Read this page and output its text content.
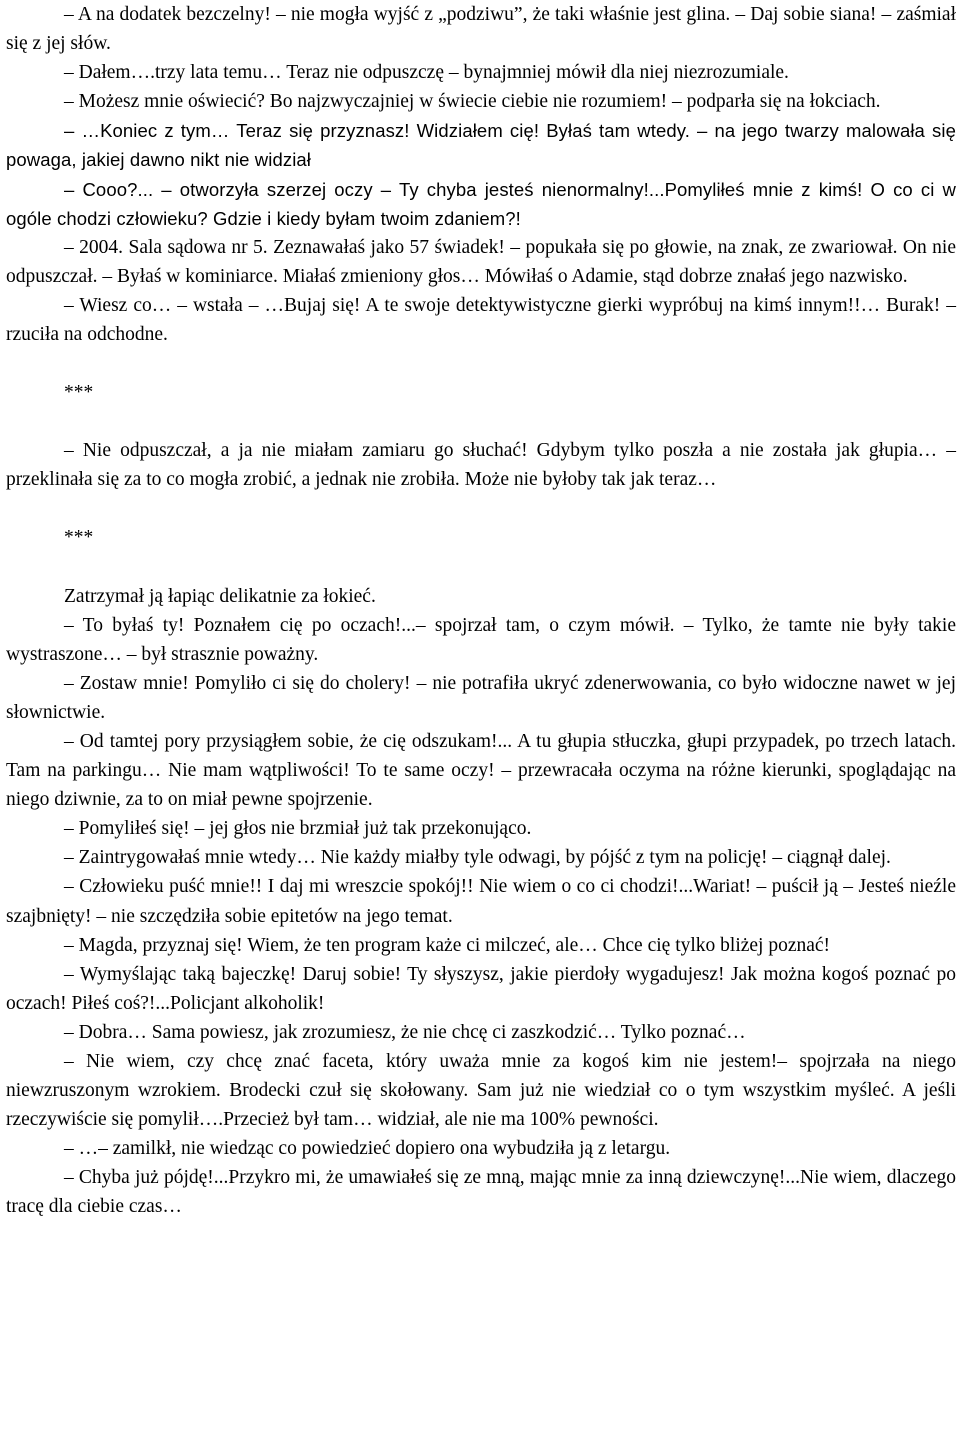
– A na dodatek bezczelny! – nie mogła wyjść z „podziwu”, że taki właśnie jest glina. – Daj sobie siana! – zaśmiał się z jej słów.

– Dałem….trzy lata temu… Teraz nie odpuszczę – bynajmniej mówił dla niej niezrozumiale.

– Możesz mnie oświecić? Bo najzwyczajniej w świecie ciebie nie rozumiem! – podparła się na łokciach.

– …Koniec z tym… Teraz się przyznasz! Widziałem cię! Byłaś tam wtedy. – na jego twarzy malowała się powaga, jakiej dawno nikt nie widział

– Cooo?... – otworzyła szerzej oczy – Ty chyba jesteś nienormalny!...Pomyliłeś mnie z kimś! O co ci w ogóle chodzi człowieku? Gdzie i kiedy byłam twoim zdaniem?!

– 2004. Sala sądowa nr 5. Zeznawałaś jako 57 świadek! – popukała się po głowie, na znak, ze zwariował. On nie odpuszczał. – Byłaś w kominiarce. Miałaś zmieniony głos… Mówiłaś o Adamie, stąd dobrze znałaś jego nazwisko.

– Wiesz co… – wstała – …Bujaj się! A te swoje detektywistyczne gierki wypróbuj na kimś innym!!… Burak! – rzuciła na odchodne.

***

– Nie odpuszczał, a ja nie miałam zamiaru go słuchać! Gdybym tylko poszła a nie została jak głupia… – przeklinała się za to co mogła zrobić, a jednak nie zrobiła. Może nie byłoby tak jak teraz…

***

Zatrzymał ją łapiąc delikatnie za łokieć.

– To byłaś ty! Poznałem cię po oczach!...– spojrzał tam, o czym mówił. – Tylko, że tamte nie były takie wystraszone… – był strasznie poważny.

– Zostaw mnie! Pomyliło ci się do cholery! – nie potrafiła ukryć zdenerwowania, co było widoczne nawet w jej słownictwie.

– Od tamtej pory przysiągłem sobie, że cię odszukam!... A tu głupia stłuczka, głupi przypadek, po trzech latach. Tam na parkingu… Nie mam wątpliwości! To te same oczy! – przewracała oczyma na różne kierunki, spoglądając na niego dziwnie, za to on miał pewne spojrzenie.

– Pomyliłeś się! – jej głos nie brzmiał już tak przekonująco.

– Zaintrygowałaś mnie wtedy… Nie każdy miałby tyle odwagi, by pójść z tym na policję! – ciągnął dalej.

– Człowieku puść mnie!! I daj mi wreszcie spokój!! Nie wiem o co ci chodzi!...Wariat! – puścił ją – Jesteś nieźle szajbnięty! – nie szczędziła sobie epitetów na jego temat.

– Magda, przyznaj się! Wiem, że ten program każe ci milczeć, ale… Chce cię tylko bliżej poznać!

– Wymyślając taką bajeczkę! Daruj sobie! Ty słyszysz, jakie pierdoły wygadujesz! Jak można kogoś poznać po oczach! Piłeś coś?!...Policjant alkoholik!

– Dobra… Sama powiesz, jak zrozumiesz, że nie chcę ci zaszkodzić… Tylko poznać…

– Nie wiem, czy chcę znać faceta, który uważa mnie za kogoś kim nie jestem!– spojrzała na niego niewzruszonym wzrokiem. Brodecki czuł się skołowany. Sam już nie wiedział co o tym wszystkim myśleć. A jeśli rzeczywiście się pomylił….Przecież był tam… widział, ale nie ma 100% pewności.

– …– zamilkł, nie wiedząc co powiedzieć dopiero ona wybudziła ją z letargu.

– Chyba już pójdę!...Przykro mi, że umawiałeś się ze mną, mając mnie za inną dziewczynę!...Nie wiem, dlaczego tracę dla ciebie czas…
